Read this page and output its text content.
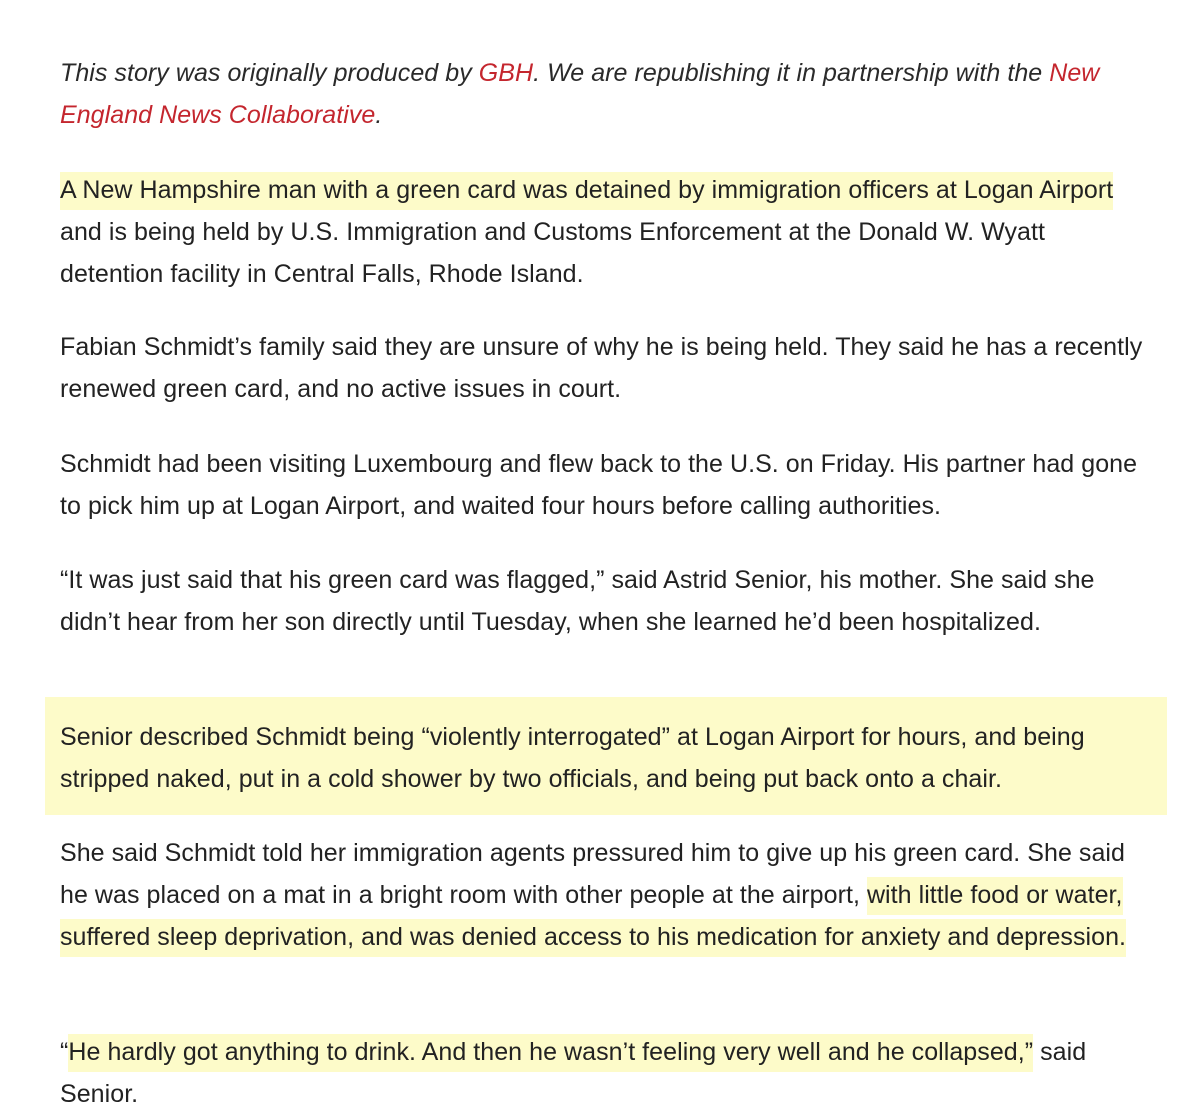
This story was originally produced by GBH. We are republishing it in partnership with the New England News Collaborative.

A New Hampshire man with a green card was detained by immigration officers at Logan Airport and is being held by U.S. Immigration and Customs Enforcement at the Donald W. Wyatt detention facility in Central Falls, Rhode Island.

Fabian Schmidt’s family said they are unsure of why he is being held. They said he has a recently renewed green card, and no active issues in court.

Schmidt had been visiting Luxembourg and flew back to the U.S. on Friday. His partner had gone to pick him up at Logan Airport, and waited four hours before calling authorities.

“It was just said that his green card was flagged,” said Astrid Senior, his mother. She said she didn’t hear from her son directly until Tuesday, when she learned he’d been hospitalized.

Senior described Schmidt being “violently interrogated” at Logan Airport for hours, and being stripped naked, put in a cold shower by two officials, and being put back onto a chair.

She said Schmidt told her immigration agents pressured him to give up his green card. She said he was placed on a mat in a bright room with other people at the airport, with little food or water, suffered sleep deprivation, and was denied access to his medication for anxiety and depression.

“He hardly got anything to drink. And then he wasn’t feeling very well and he collapsed,” said Senior.
